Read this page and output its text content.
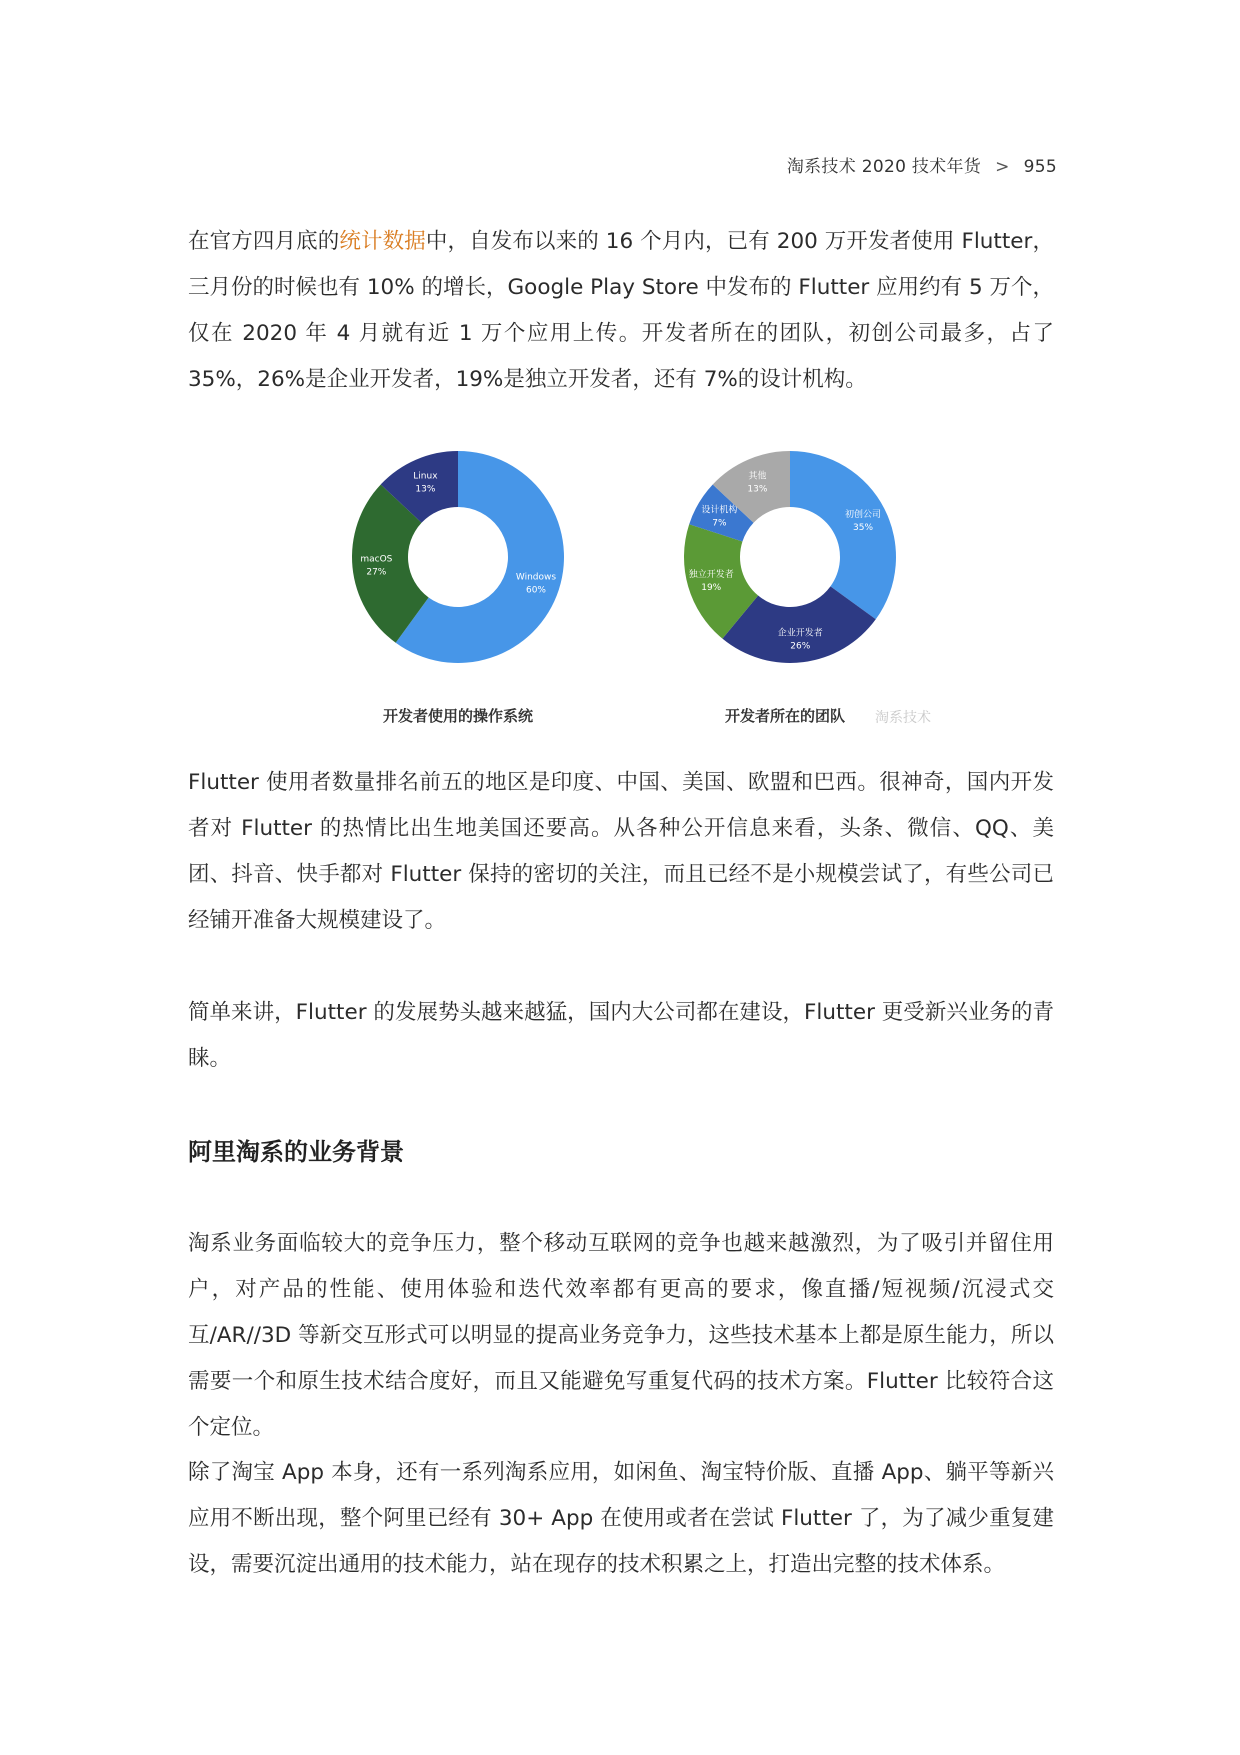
淘系技术 2020 技术年货 > 955

在官方四月底的统计数据中，自发布以来的 16 个月内，已有 200 万开发者使用 Flutter，三月份的时候也有 10% 的增长，Google Play Store 中发布的 Flutter 应用约有 5 万个，仅在 2020 年 4 月就有近 1 万个应用上传。开发者所在的团队，初创公司最多，占了 35%，26%是企业开发者，19%是独立开发者，还有 7%的设计机构。

Flutter 使用者数量排名前五的地区是印度、中国、美国、欧盟和巴西。很神奇，国内开发者对 Flutter 的热情比出生地美国还要高。从各种公开信息来看，头条、微信、QQ、美团、抖音、快手都对 Flutter 保持的密切的关注，而且已经不是小规模尝试了，有些公司已经铺开准备大规模建设了。

简单来讲，Flutter 的发展势头越来越猛，国内大公司都在建设，Flutter 更受新兴业务的青睐。

阿里淘系的业务背景

淘系业务面临较大的竞争压力，整个移动互联网的竞争也越来越激烈，为了吸引并留住用户，对产品的性能、使用体验和迭代效率都有更高的要求，像直播/短视频/沉浸式交互/AR//3D 等新交互形式可以明显的提高业务竞争力，这些技术基本上都是原生能力，所以需要一个和原生技术结合度好，而且又能避免写重复代码的技术方案。Flutter 比较符合这个定位。

除了淘宝 App 本身，还有一系列淘系应用，如闲鱼、淘宝特价版、直播 App、躺平等新兴应用不断出现，整个阿里已经有 30+ App 在使用或者在尝试 Flutter 了，为了减少重复建设，需要沉淀出通用的技术能力，站在现存的技术积累之上，打造出完整的技术体系。

Windows
60%
macOS
27%
Linux
13%
开发者使用的操作系统
初创公司
35%
企业开发者
26%
独立开发者
19%
设计机构
7%
其他
13%
开发者所在的团队 淘系技术
